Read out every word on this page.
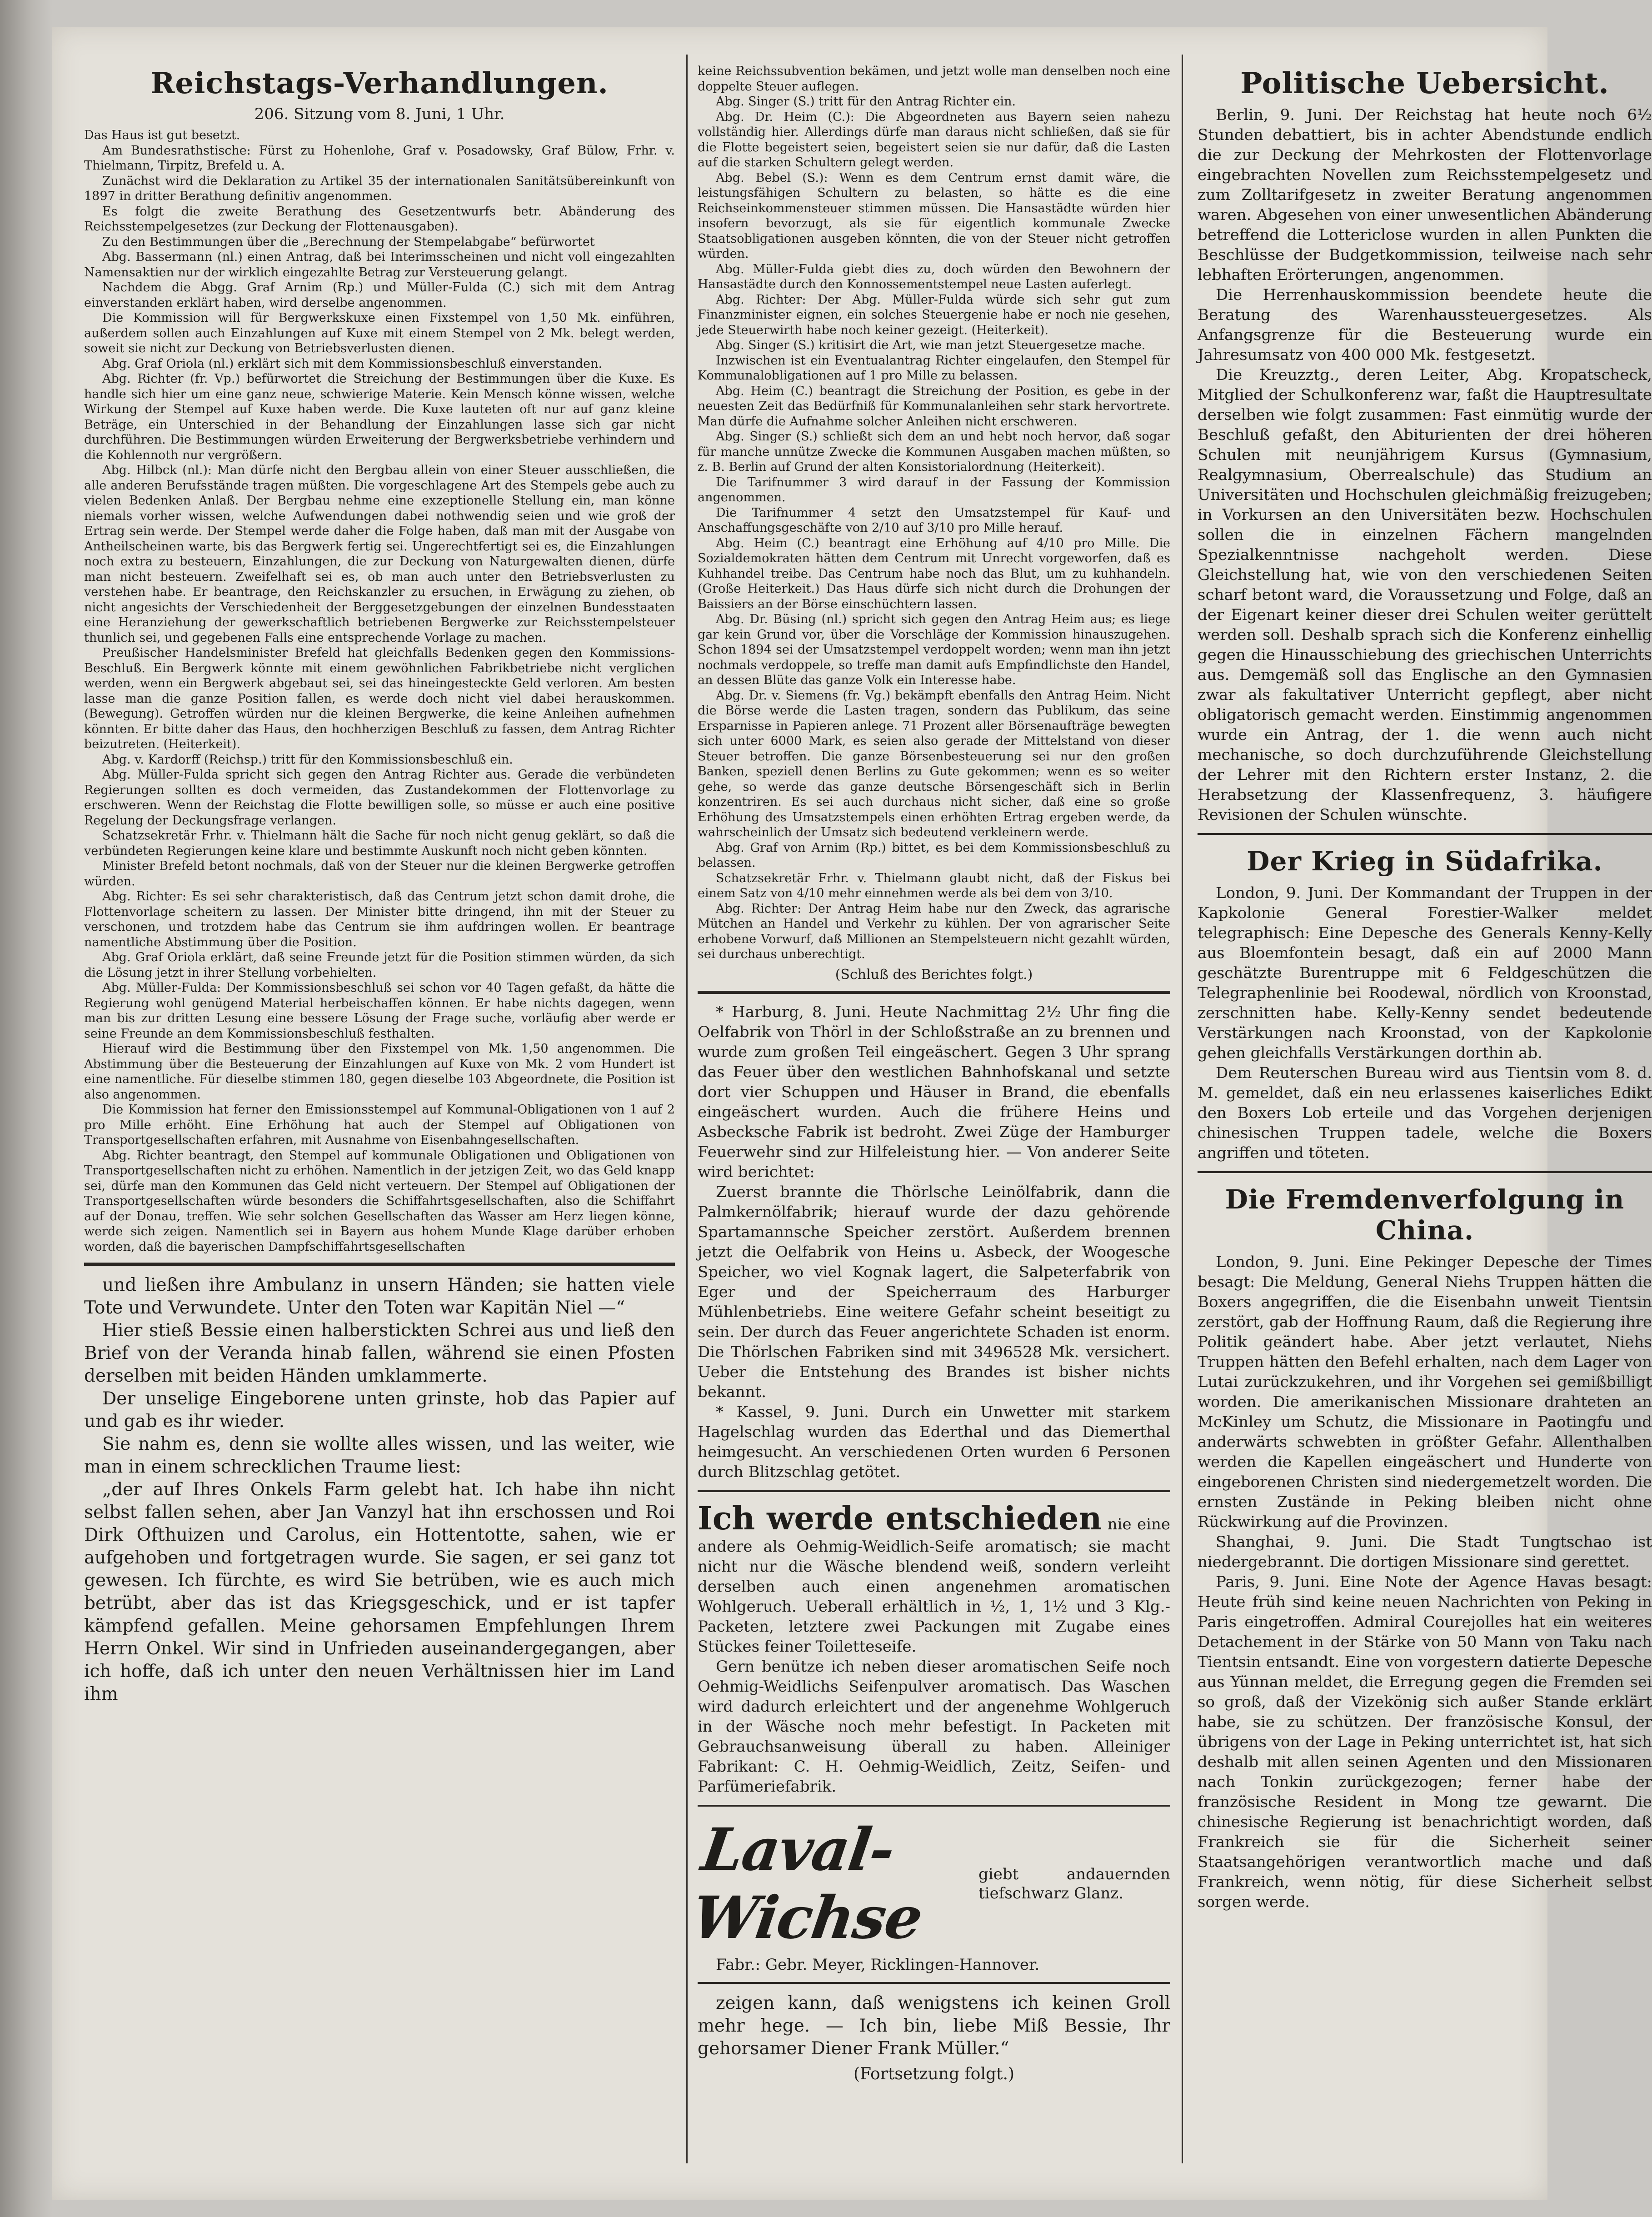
Reichstags-Verhandlungen.
206. Sitzung vom 8. Juni, 1 Uhr.

Das Haus ist gut besetzt.

Am Bundesrathstische: Fürst zu Hohenlohe, Graf v. Posadowsky, Graf Bülow, Frhr. v. Thielmann, Tirpitz, Brefeld u. A.

Zunächst wird die Deklaration zu Artikel 35 der internationalen Sanitätsübereinkunft von 1897 in dritter Berathung definitiv angenommen.

Es folgt die zweite Berathung des Gesetzentwurfs betr. Abänderung des Reichsstempelgesetzes (zur Deckung der Flottenausgaben).

Zu den Bestimmungen über die „Berechnung der Stempelabgabe“ befürwortet

Abg. Bassermann (nl.) einen Antrag, daß bei Interimsscheinen und nicht voll eingezahlten Namensaktien nur der wirklich eingezahlte Betrag zur Versteuerung gelangt.

Nachdem die Abgg. Graf Arnim (Rp.) und Müller-Fulda (C.) sich mit dem Antrag einverstanden erklärt haben, wird derselbe angenommen.

Die Kommission will für Bergwerkskuxe einen Fixstempel von 1,50 Mk. einführen, außerdem sollen auch Einzahlungen auf Kuxe mit einem Stempel von 2 Mk. belegt werden, soweit sie nicht zur Deckung von Betriebsverlusten dienen.

Abg. Graf Oriola (nl.) erklärt sich mit dem Kommissionsbeschluß einverstanden.

Abg. Richter (fr. Vp.) befürwortet die Streichung der Bestimmungen über die Kuxe. Es handle sich hier um eine ganz neue, schwierige Materie. Kein Mensch könne wissen, welche Wirkung der Stempel auf Kuxe haben werde. Die Kuxe lauteten oft nur auf ganz kleine Beträge, ein Unterschied in der Behandlung der Einzahlungen lasse sich gar nicht durchführen. Die Bestimmungen würden Erweiterung der Bergwerksbetriebe verhindern und die Kohlennoth nur vergrößern.

Abg. Hilbck (nl.): Man dürfe nicht den Bergbau allein von einer Steuer ausschließen, die alle anderen Berufsstände tragen müßten. Die vorgeschlagene Art des Stempels gebe auch zu vielen Bedenken Anlaß. Der Bergbau nehme eine exzeptionelle Stellung ein, man könne niemals vorher wissen, welche Aufwendungen dabei nothwendig seien und wie groß der Ertrag sein werde. Der Stempel werde daher die Folge haben, daß man mit der Ausgabe von Antheilscheinen warte, bis das Bergwerk fertig sei. Ungerechtfertigt sei es, die Einzahlungen noch extra zu besteuern, Einzahlungen, die zur Deckung von Naturgewalten dienen, dürfe man nicht besteuern. Zweifelhaft sei es, ob man auch unter den Betriebsverlusten zu verstehen habe. Er beantrage, den Reichskanzler zu ersuchen, in Erwägung zu ziehen, ob nicht angesichts der Verschiedenheit der Berggesetzgebungen der einzelnen Bundesstaaten eine Heranziehung der gewerkschaftlich betriebenen Bergwerke zur Reichsstempelsteuer thunlich sei, und gegebenen Falls eine entsprechende Vorlage zu machen.

Preußischer Handelsminister Brefeld hat gleichfalls Bedenken gegen den Kommissions-Beschluß. Ein Bergwerk könnte mit einem gewöhnlichen Fabrikbetriebe nicht verglichen werden, wenn ein Bergwerk abgebaut sei, sei das hineingesteckte Geld verloren. Am besten lasse man die ganze Position fallen, es werde doch nicht viel dabei herauskommen. (Bewegung). Getroffen würden nur die kleinen Bergwerke, die keine Anleihen aufnehmen könnten. Er bitte daher das Haus, den hochherzigen Beschluß zu fassen, dem Antrag Richter beizutreten. (Heiterkeit).

Abg. v. Kardorff (Reichsp.) tritt für den Kommissionsbeschluß ein.

Abg. Müller-Fulda spricht sich gegen den Antrag Richter aus. Gerade die verbündeten Regierungen sollten es doch vermeiden, das Zustandekommen der Flottenvorlage zu erschweren. Wenn der Reichstag die Flotte bewilligen solle, so müsse er auch eine positive Regelung der Deckungsfrage verlangen.

Schatzsekretär Frhr. v. Thielmann hält die Sache für noch nicht genug geklärt, so daß die verbündeten Regierungen keine klare und bestimmte Auskunft noch nicht geben könnten.

Minister Brefeld betont nochmals, daß von der Steuer nur die kleinen Bergwerke getroffen würden.

Abg. Richter: Es sei sehr charakteristisch, daß das Centrum jetzt schon damit drohe, die Flottenvorlage scheitern zu lassen. Der Minister bitte dringend, ihn mit der Steuer zu verschonen, und trotzdem habe das Centrum sie ihm aufdringen wollen. Er beantrage namentliche Abstimmung über die Position.

Abg. Graf Oriola erklärt, daß seine Freunde jetzt für die Position stimmen würden, da sich die Lösung jetzt in ihrer Stellung vorbehielten.

Abg. Müller-Fulda: Der Kommissionsbeschluß sei schon vor 40 Tagen gefaßt, da hätte die Regierung wohl genügend Material herbeischaffen können. Er habe nichts dagegen, wenn man bis zur dritten Lesung eine bessere Lösung der Frage suche, vorläufig aber werde er seine Freunde an dem Kommissionsbeschluß festhalten.

Hierauf wird die Bestimmung über den Fixstempel von Mk. 1,50 angenommen. Die Abstimmung über die Besteuerung der Einzahlungen auf Kuxe von Mk. 2 vom Hundert ist eine namentliche. Für dieselbe stimmen 180, gegen dieselbe 103 Abgeordnete, die Position ist also angenommen.

Die Kommission hat ferner den Emissionsstempel auf Kommunal-Obligationen von 1 auf 2 pro Mille erhöht. Eine Erhöhung hat auch der Stempel auf Obligationen von Transportgesellschaften erfahren, mit Ausnahme von Eisenbahngesellschaften.

Abg. Richter beantragt, den Stempel auf kommunale Obligationen und Obligationen von Transportgesellschaften nicht zu erhöhen. Namentlich in der jetzigen Zeit, wo das Geld knapp sei, dürfe man den Kommunen das Geld nicht verteuern. Der Stempel auf Obligationen der Transportgesellschaften würde besonders die Schiffahrtsgesellschaften, also die Schiffahrt auf der Donau, treffen. Wie sehr solchen Gesellschaften das Wasser am Herz liegen könne, werde sich zeigen. Namentlich sei in Bayern aus hohem Munde Klage darüber erhoben worden, daß die bayerischen Dampfschiffahrtsgesellschaften

und ließen ihre Ambulanz in unsern Händen; sie hatten viele Tote und Verwundete. Unter den Toten war Kapitän Niel —“

Hier stieß Bessie einen halberstickten Schrei aus und ließ den Brief von der Veranda hinab fallen, während sie einen Pfosten derselben mit beiden Händen umklammerte.

Der unselige Eingeborene unten grinste, hob das Papier auf und gab es ihr wieder.

Sie nahm es, denn sie wollte alles wissen, und las weiter, wie man in einem schrecklichen Traume liest:

„der auf Ihres Onkels Farm gelebt hat. Ich habe ihn nicht selbst fallen sehen, aber Jan Vanzyl hat ihn erschossen und Roi Dirk Ofthuizen und Carolus, ein Hottentotte, sahen, wie er aufgehoben und fortgetragen wurde. Sie sagen, er sei ganz tot gewesen. Ich fürchte, es wird Sie betrüben, wie es auch mich betrübt, aber das ist das Kriegsgeschick, und er ist tapfer kämpfend gefallen. Meine gehorsamen Empfehlungen Ihrem Herrn Onkel. Wir sind in Unfrieden auseinandergegangen, aber ich hoffe, daß ich unter den neuen Verhältnissen hier im Land ihm

keine Reichssubvention bekämen, und jetzt wolle man denselben noch eine doppelte Steuer auflegen.

Abg. Singer (S.) tritt für den Antrag Richter ein.

Abg. Dr. Heim (C.): Die Abgeordneten aus Bayern seien nahezu vollständig hier. Allerdings dürfe man daraus nicht schließen, daß sie für die Flotte begeistert seien, begeistert seien sie nur dafür, daß die Lasten auf die starken Schultern gelegt werden.

Abg. Bebel (S.): Wenn es dem Centrum ernst damit wäre, die leistungsfähigen Schultern zu belasten, so hätte es die eine Reichseinkommensteuer stimmen müssen. Die Hansastädte würden hier insofern bevorzugt, als sie für eigentlich kommunale Zwecke Staatsobligationen ausgeben könnten, die von der Steuer nicht getroffen würden.

Abg. Müller-Fulda giebt dies zu, doch würden den Bewohnern der Hansastädte durch den Konnossementstempel neue Lasten auferlegt.

Abg. Richter: Der Abg. Müller-Fulda würde sich sehr gut zum Finanzminister eignen, ein solches Steuergenie habe er noch nie gesehen, jede Steuerwirth habe noch keiner gezeigt. (Heiterkeit).

Abg. Singer (S.) kritisirt die Art, wie man jetzt Steuergesetze mache.

Inzwischen ist ein Eventualantrag Richter eingelaufen, den Stempel für Kommunalobligationen auf 1 pro Mille zu belassen.

Abg. Heim (C.) beantragt die Streichung der Position, es gebe in der neuesten Zeit das Bedürfniß für Kommunalanleihen sehr stark hervortrete. Man dürfe die Aufnahme solcher Anleihen nicht erschweren.

Abg. Singer (S.) schließt sich dem an und hebt noch hervor, daß sogar für manche unnütze Zwecke die Kommunen Ausgaben machen müßten, so z. B. Berlin auf Grund der alten Konsistorialordnung (Heiterkeit).

Die Tarifnummer 3 wird darauf in der Fassung der Kommission angenommen.

Die Tarifnummer 4 setzt den Umsatzstempel für Kauf- und Anschaffungsgeschäfte von 2/10 auf 3/10 pro Mille herauf.

Abg. Heim (C.) beantragt eine Erhöhung auf 4/10 pro Mille. Die Sozialdemokraten hätten dem Centrum mit Unrecht vorgeworfen, daß es Kuhhandel treibe. Das Centrum habe noch das Blut, um zu kuhhandeln. (Große Heiterkeit.) Das Haus dürfe sich nicht durch die Drohungen der Baissiers an der Börse einschüchtern lassen.

Abg. Dr. Büsing (nl.) spricht sich gegen den Antrag Heim aus; es liege gar kein Grund vor, über die Vorschläge der Kommission hinauszugehen. Schon 1894 sei der Umsatzstempel verdoppelt worden; wenn man ihn jetzt nochmals verdoppele, so treffe man damit aufs Empfindlichste den Handel, an dessen Blüte das ganze Volk ein Interesse habe.

Abg. Dr. v. Siemens (fr. Vg.) bekämpft ebenfalls den Antrag Heim. Nicht die Börse werde die Lasten tragen, sondern das Publikum, das seine Ersparnisse in Papieren anlege. 71 Prozent aller Börsenaufträge bewegten sich unter 6000 Mark, es seien also gerade der Mittelstand von dieser Steuer betroffen. Die ganze Börsenbesteuerung sei nur den großen Banken, speziell denen Berlins zu Gute gekommen; wenn es so weiter gehe, so werde das ganze deutsche Börsengeschäft sich in Berlin konzentriren. Es sei auch durchaus nicht sicher, daß eine so große Erhöhung des Umsatzstempels einen erhöhten Ertrag ergeben werde, da wahrscheinlich der Umsatz sich bedeutend verkleinern werde.

Abg. Graf von Arnim (Rp.) bittet, es bei dem Kommissionsbeschluß zu belassen.

Schatzsekretär Frhr. v. Thielmann glaubt nicht, daß der Fiskus bei einem Satz von 4/10 mehr einnehmen werde als bei dem von 3/10.

Abg. Richter: Der Antrag Heim habe nur den Zweck, das agrarische Mütchen an Handel und Verkehr zu kühlen. Der von agrarischer Seite erhobene Vorwurf, daß Millionen an Stempelsteuern nicht gezahlt würden, sei durchaus unberechtigt.

(Schluß des Berichtes folgt.)

* Harburg, 8. Juni. Heute Nachmittag 2½ Uhr fing die Oelfabrik von Thörl in der Schloßstraße an zu brennen und wurde zum großen Teil eingeäschert. Gegen 3 Uhr sprang das Feuer über den westlichen Bahnhofskanal und setzte dort vier Schuppen und Häuser in Brand, die ebenfalls eingeäschert wurden. Auch die frühere Heins und Asbecksche Fabrik ist bedroht. Zwei Züge der Hamburger Feuerwehr sind zur Hilfeleistung hier. — Von anderer Seite wird berichtet:

Zuerst brannte die Thörlsche Leinölfabrik, dann die Palmkernölfabrik; hierauf wurde der dazu gehörende Spartamannsche Speicher zerstört. Außerdem brennen jetzt die Oelfabrik von Heins u. Asbeck, der Woogesche Speicher, wo viel Kognak lagert, die Salpeterfabrik von Eger und der Speicherraum des Harburger Mühlenbetriebs. Eine weitere Gefahr scheint beseitigt zu sein. Der durch das Feuer angerichtete Schaden ist enorm. Die Thörlschen Fabriken sind mit 3496528 Mk. versichert. Ueber die Entstehung des Brandes ist bisher nichts bekannt.

* Kassel, 9. Juni. Durch ein Unwetter mit starkem Hagelschlag wurden das Ederthal und das Diemerthal heimgesucht. An verschiedenen Orten wurden 6 Personen durch Blitzschlag getötet.

Ich werde entschieden nie eine andere als Oehmig-Weidlich-Seife aromatisch; sie macht nicht nur die Wäsche blendend weiß, sondern verleiht derselben auch einen angenehmen aromatischen Wohlgeruch. Ueberall erhältlich in ½, 1, 1½ und 3 Klg.-Packeten, letztere zwei Packungen mit Zugabe eines Stückes feiner Toiletteseife.

Gern benütze ich neben dieser aromatischen Seife noch Oehmig-Weidlichs Seifenpulver aromatisch. Das Waschen wird dadurch erleichtert und der angenehme Wohlgeruch in der Wäsche noch mehr befestigt. In Packeten mit Gebrauchsanweisung überall zu haben. Alleiniger Fabrikant: C. H. Oehmig-Weidlich, Zeitz, Seifen- und Parfümeriefabrik.

Laval-Wichse
giebt andauernden tiefschwarz Glanz.
Fabr.: Gebr. Meyer, Ricklingen-Hannover.

zeigen kann, daß wenigstens ich keinen Groll mehr hege. — Ich bin, liebe Miß Bessie, Ihr gehorsamer Diener Frank Müller.“

(Fortsetzung folgt.)
Politische Uebersicht.

Berlin, 9. Juni. Der Reichstag hat heute noch 6½ Stunden debattiert, bis in achter Abendstunde endlich die zur Deckung der Mehrkosten der Flottenvorlage eingebrachten Novellen zum Reichsstempelgesetz und zum Zolltarifgesetz in zweiter Beratung angenommen waren. Abgesehen von einer unwesentlichen Abänderung betreffend die Lottericlose wurden in allen Punkten die Beschlüsse der Budgetkommission, teilweise nach sehr lebhaften Erörterungen, angenommen.

Die Herrenhauskommission beendete heute die Beratung des Warenhaussteuergesetzes. Als Anfangsgrenze für die Besteuerung wurde ein Jahresumsatz von 400 000 Mk. festgesetzt.

Die Kreuzztg., deren Leiter, Abg. Kropatscheck, Mitglied der Schulkonferenz war, faßt die Hauptresultate derselben wie folgt zusammen: Fast einmütig wurde der Beschluß gefaßt, den Abiturienten der drei höheren Schulen mit neunjährigem Kursus (Gymnasium, Realgymnasium, Oberrealschule) das Studium an Universitäten und Hochschulen gleichmäßig freizugeben; in Vorkursen an den Universitäten bezw. Hochschulen sollen die in einzelnen Fächern mangelnden Spezialkenntnisse nachgeholt werden. Diese Gleichstellung hat, wie von den verschiedenen Seiten scharf betont ward, die Voraussetzung und Folge, daß an der Eigenart keiner dieser drei Schulen weiter gerüttelt werden soll. Deshalb sprach sich die Konferenz einhellig gegen die Hinausschiebung des griechischen Unterrichts aus. Demgemäß soll das Englische an den Gymnasien zwar als fakultativer Unterricht gepflegt, aber nicht obligatorisch gemacht werden. Einstimmig angenommen wurde ein Antrag, der 1. die wenn auch nicht mechanische, so doch durchzuführende Gleichstellung der Lehrer mit den Richtern erster Instanz, 2. die Herabsetzung der Klassenfrequenz, 3. häufigere Revisionen der Schulen wünschte.

Der Krieg in Südafrika.

London, 9. Juni. Der Kommandant der Truppen in der Kapkolonie General Forestier-Walker meldet telegraphisch: Eine Depesche des Generals Kenny-Kelly aus Bloemfontein besagt, daß ein auf 2000 Mann geschätzte Burentruppe mit 6 Feldgeschützen die Telegraphenlinie bei Roodewal, nördlich von Kroonstad, zerschnitten habe. Kelly-Kenny sendet bedeutende Verstärkungen nach Kroonstad, von der Kapkolonie gehen gleichfalls Verstärkungen dorthin ab.

Dem Reuterschen Bureau wird aus Tientsin vom 8. d. M. gemeldet, daß ein neu erlassenes kaiserliches Edikt den Boxers Lob erteile und das Vorgehen derjenigen chinesischen Truppen tadele, welche die Boxers angriffen und töteten.

Die Fremdenverfolgung in China.

London, 9. Juni. Eine Pekinger Depesche der Times besagt: Die Meldung, General Niehs Truppen hätten die Boxers angegriffen, die die Eisenbahn unweit Tientsin zerstört, gab der Hoffnung Raum, daß die Regierung ihre Politik geändert habe. Aber jetzt verlautet, Niehs Truppen hätten den Befehl erhalten, nach dem Lager von Lutai zurückzukehren, und ihr Vorgehen sei gemißbilligt worden. Die amerikanischen Missionare drahteten an McKinley um Schutz, die Missionare in Paotingfu und anderwärts schwebten in größter Gefahr. Allenthalben werden die Kapellen eingeäschert und Hunderte von eingeborenen Christen sind niedergemetzelt worden. Die ernsten Zustände in Peking bleiben nicht ohne Rückwirkung auf die Provinzen.

Shanghai, 9. Juni. Die Stadt Tungtschao ist niedergebrannt. Die dortigen Missionare sind gerettet.

Paris, 9. Juni. Eine Note der Agence Havas besagt: Heute früh sind keine neuen Nachrichten von Peking in Paris eingetroffen. Admiral Courejolles hat ein weiteres Detachement in der Stärke von 50 Mann von Taku nach Tientsin entsandt. Eine von vorgestern datierte Depesche aus Yünnan meldet, die Erregung gegen die Fremden sei so groß, daß der Vizekönig sich außer Stande erklärt habe, sie zu schützen. Der französische Konsul, der übrigens von der Lage in Peking unterrichtet ist, hat sich deshalb mit allen seinen Agenten und den Missionaren nach Tonkin zurückgezogen; ferner habe der französische Resident in Mong tze gewarnt. Die chinesische Regierung ist benachrichtigt worden, daß Frankreich sie für die Sicherheit seiner Staatsangehörigen verantwortlich mache und daß Frankreich, wenn nötig, für diese Sicherheit selbst sorgen werde.
